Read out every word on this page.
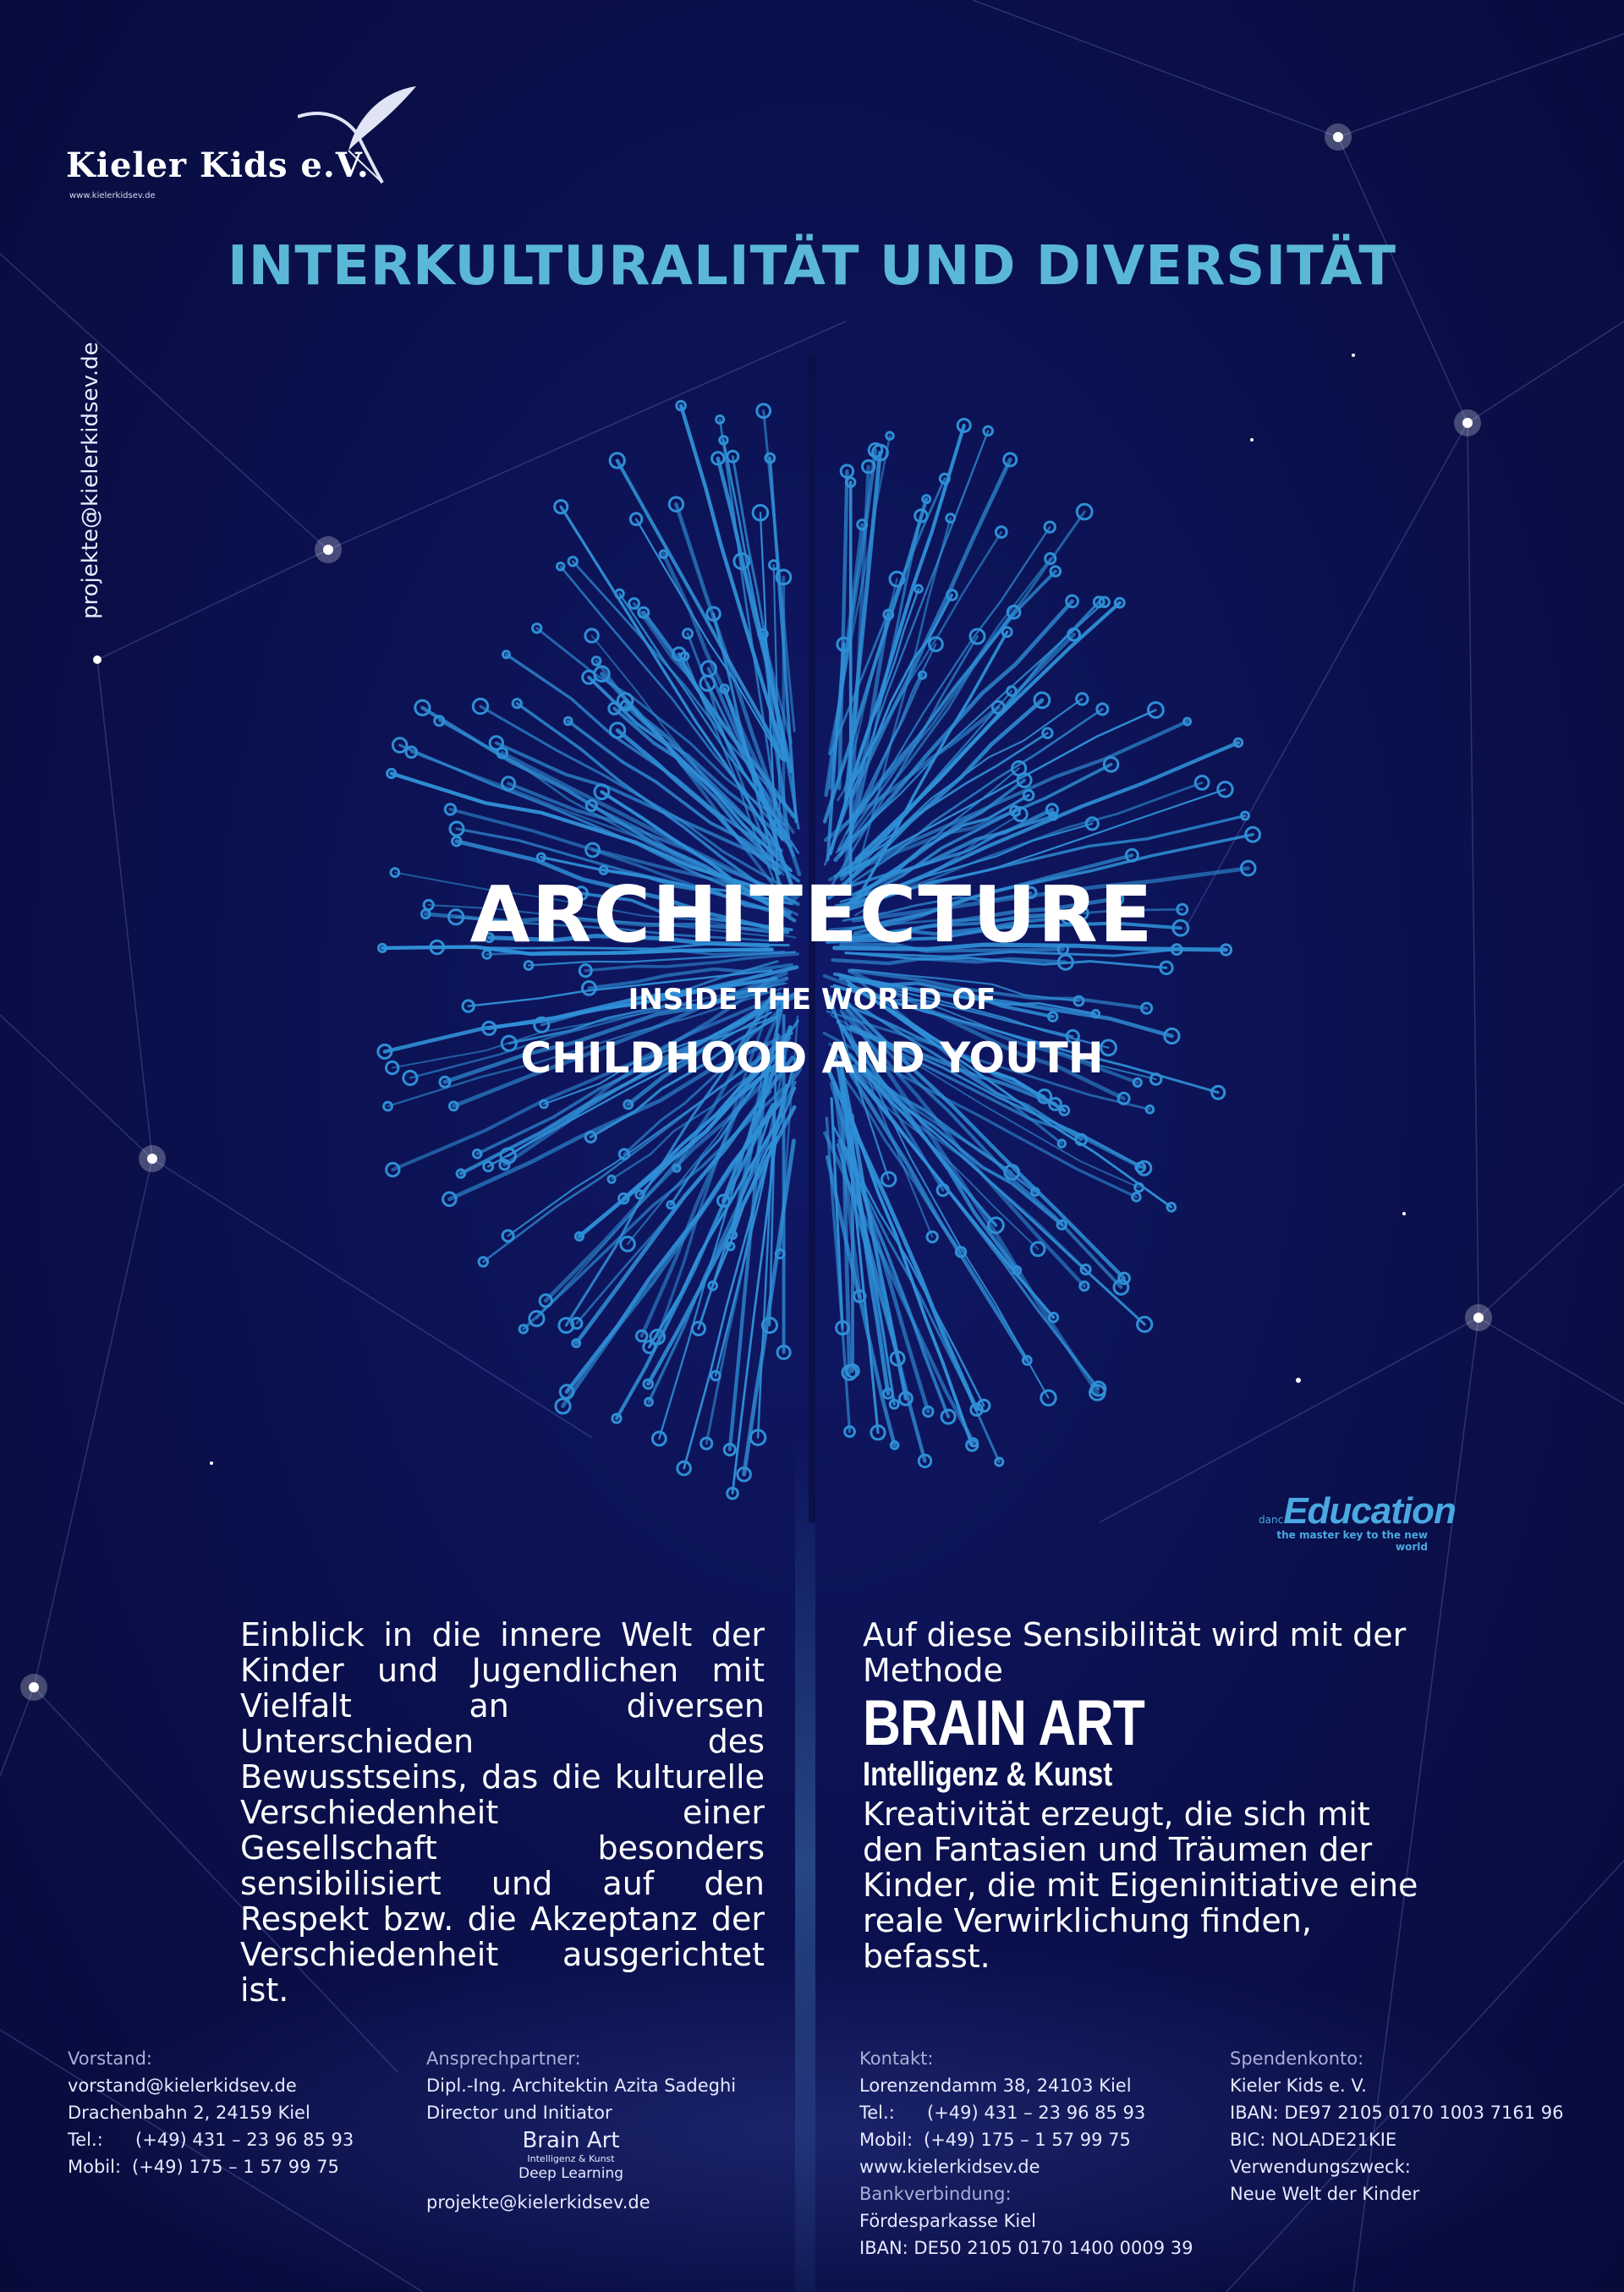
Kieler Kids e.V.
www.kielerkidsev.de
INTERKULTURALITÄT UND DIVERSITÄT
projekte@kielerkidsev.de
ARCHITECTURE
INSIDE THE WORLD OF
CHILDHOOD AND YOUTH
dancEducation
the master key to the new world
Einblick in die innere Welt der Kinder und Jugendlichen mit Vielfalt an diversen Unterschieden des Bewusstseins, das die kulturelle Verschiedenheit einer Gesellschaft besonders sensibilisiert und auf den Respekt bzw. die Akzeptanz der Verschiedenheit ausgerichtet ist.
Auf diese Sensibilität wird mit der Methode
BRAIN ART
Intelligenz & Kunst
Kreativität erzeugt, die sich mit den Fantasien und Träumen der Kinder, die mit Eigeninitiative eine reale Verwirklichung finden, befasst.
Vorstand:
vorstand@kielerkidsev.de
Drachenbahn 2, 24159 Kiel
Tel.:	(+49) 431 – 23 96 85 93
Mobil: (+49) 175 – 1 57 99 75
Ansprechpartner:
Dipl.-Ing. Architektin Azita Sadeghi
Director und Initiator
Brain Art
Intelligenz & Kunst
Deep Learning
projekte@kielerkidsev.de
Kontakt:
Lorenzendamm 38, 24103 Kiel
Tel.:	(+49) 431 – 23 96 85 93
Mobil: (+49) 175 – 1 57 99 75
www.kielerkidsev.de
Bankverbindung:
Fördesparkasse Kiel
IBAN: DE50 2105 0170 1400 0009 39
Spendenkonto:
Kieler Kids e. V.
IBAN: DE97 2105 0170 1003 7161 96
BIC: NOLADE21KIE
Verwendungszweck:
Neue Welt der Kinder
